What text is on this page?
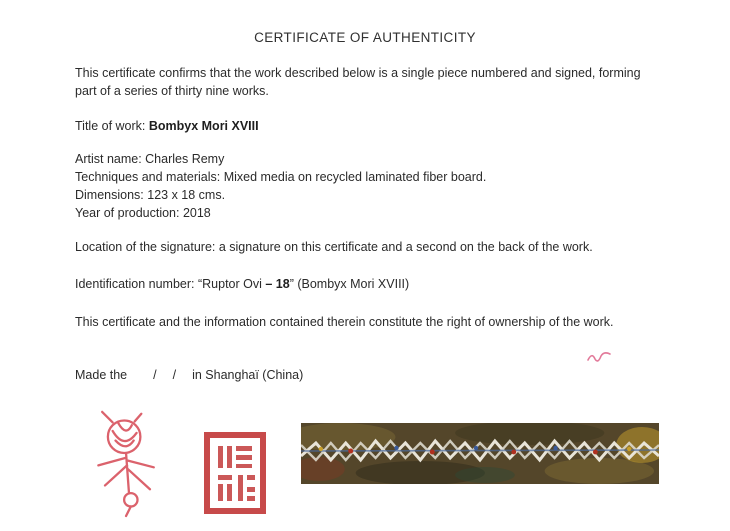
CERTIFICATE OF AUTHENTICITY

This certificate confirms that the work described below is a single piece numbered and signed, forming part of a series of thirty nine works.

Title of work: Bombyx Mori XVIII

Artist name: Charles Remy
Techniques and materials: Mixed media on recycled laminated fiber board.
Dimensions: 123 x 18 cms.
Year of production: 2018

Location of the signature: a signature on this certificate and a second on the back of the work.

Identification number: “Ruptor Ovi – 18” (Bombyx Mori XVIII)

This certificate and the information contained therein constitute the right of ownership of the work.

Made the / / in Shanghaï (China)
